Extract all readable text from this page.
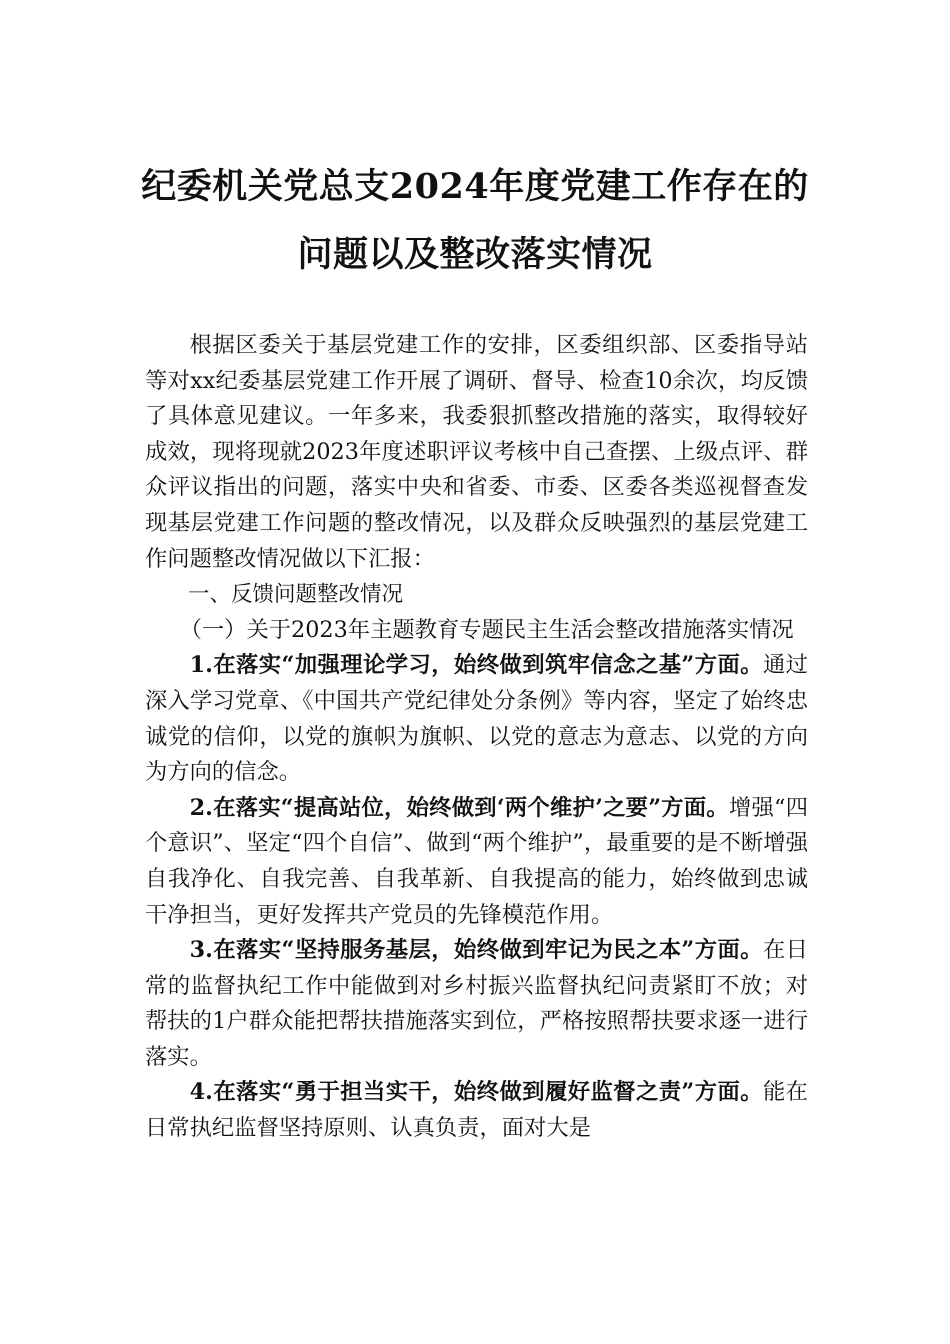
纪委机关党总支2024年度党建工作存在的
问题以及整改落实情况

根据区委关于基层党建工作的安排，区委组织部、区委指导站等对xx纪委基层党建工作开展了调研、督导、检查10余次，均反馈了具体意见建议。一年多来，我委狠抓整改措施的落实，取得较好成效，现将现就2023年度述职评议考核中自己查摆、上级点评、群众评议指出的问题，落实中央和省委、市委、区委各类巡视督查发现基层党建工作问题的整改情况，以及群众反映强烈的基层党建工作问题整改情况做以下汇报：

一、反馈问题整改情况

（一）关于2023年主题教育专题民主生活会整改措施落实情况

1.在落实“加强理论学习，始终做到筑牢信念之基”方面。通过深入学习党章、《中国共产党纪律处分条例》等内容，坚定了始终忠诚党的信仰，以党的旗帜为旗帜、以党的意志为意志、以党的方向为方向的信念。

2.在落实“提高站位，始终做到‘两个维护’之要”方面。增强“四个意识”、坚定“四个自信”、做到“两个维护”，最重要的是不断增强自我净化、自我完善、自我革新、自我提高的能力，始终做到忠诚干净担当，更好发挥共产党员的先锋模范作用。

3.在落实“坚持服务基层，始终做到牢记为民之本”方面。在日常的监督执纪工作中能做到对乡村振兴监督执纪问责紧盯不放；对帮扶的1户群众能把帮扶措施落实到位，严格按照帮扶要求逐一进行落实。

4.在落实“勇于担当实干，始终做到履好监督之责”方面。能在日常执纪监督坚持原则、认真负责，面对大是
